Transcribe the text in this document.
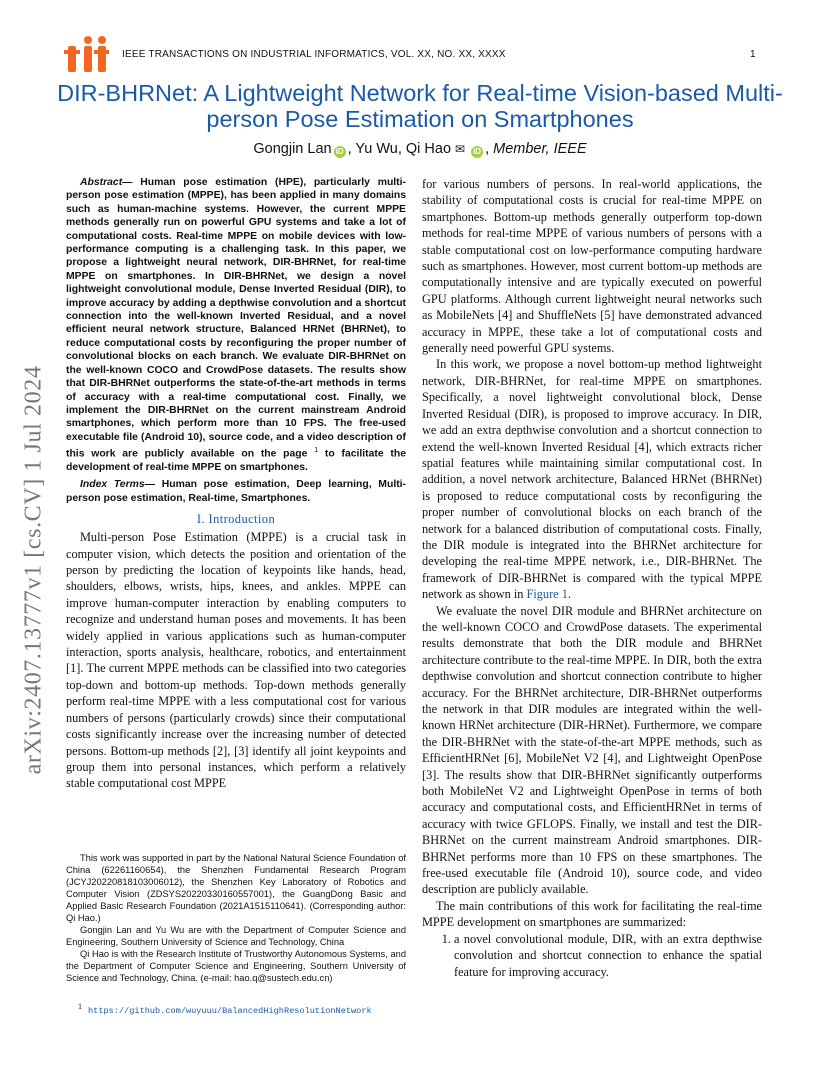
IEEE TRANSACTIONS ON INDUSTRIAL INFORMATICS, VOL. XX, NO. XX, XXXX	1
DIR-BHRNet: A Lightweight Network for Real-time Vision-based Multi-person Pose Estimation on Smartphones
Gongjin Lan iD , Yu Wu, Qi Hao ✉ iD , Member, IEEE
arXiv:2407.13777v1 [cs.CV] 1 Jul 2024

Abstract— Human pose estimation (HPE), particularly multi-person pose estimation (MPPE), has been applied in many domains such as human-machine systems. However, the current MPPE methods generally run on powerful GPU systems and take a lot of computational costs. Real-time MPPE on mobile devices with low-performance computing is a challenging task. In this paper, we propose a lightweight neural network, DIR-BHRNet, for real-time MPPE on smartphones. In DIR-BHRNet, we design a novel lightweight convolutional module, Dense Inverted Residual (DIR), to improve accuracy by adding a depthwise convolution and a shortcut connection into the well-known Inverted Residual, and a novel efficient neural network structure, Balanced HRNet (BHRNet), to reduce computational costs by reconfiguring the proper number of convolutional blocks on each branch. We evaluate DIR-BHRNet on the well-known COCO and CrowdPose datasets. The results show that DIR-BHRNet outperforms the state-of-the-art methods in terms of accuracy with a real-time computational cost. Finally, we implement the DIR-BHRNet on the current mainstream Android smartphones, which perform more than 10 FPS. The free-used executable file (Android 10), source code, and a video description of this work are publicly available on the page $^1$ to facilitate the development of real-time MPPE on smartphones.

Index Terms— Human pose estimation, Deep learning, Multi-person pose estimation, Real-time, Smartphones.

I. Introduction

Multi-person Pose Estimation (MPPE) is a crucial task in computer vision, which detects the position and orientation of the person by predicting the location of keypoints like hands, head, shoulders, elbows, wrists, hips, knees, and ankles. MPPE can improve human-computer interaction by enabling computers to recognize and understand human poses and movements. It has been widely applied in various applications such as human-computer interaction, sports analysis, healthcare, robotics, and entertainment [1]. The current MPPE methods can be classified into two categories top-down and bottom-up methods. Top-down methods generally perform real-time MPPE with a less computational cost for various numbers of persons (particularly crowds) since their computational costs significantly increase over the increasing number of detected persons. Bottom-up methods [2], [3] identify all joint keypoints and group them into personal instances, which perform a relatively stable computational cost MPPE

This work was supported in part by the National Natural Science Foundation of China (62261160654), the Shenzhen Fundamental Research Program (JCYJ20220818103006012), the Shenzhen Key Laboratory of Robotics and Computer Vision (ZDSYS20220330160557001), the GuangDong Basic and Applied Basic Research Foundation (2021A1515110641). (Corresponding author: Qi Hao.)

Gongjin Lan and Yu Wu are with the Department of Computer Science and Engineering, Southern University of Science and Technology, China

Qi Hao is with the Research Institute of Trustworthy Autonomous Systems, and the Department of Computer Science and Engineering, Southern University of Science and Technology, China. (e-mail: hao.q@sustech.edu.cn)

$^1$ https://github.com/wuyuuu/BalancedHighResolutionNetwork

for various numbers of persons. In real-world applications, the stability of computational costs is crucial for real-time MPPE on smartphones. Bottom-up methods generally outperform top-down methods for real-time MPPE of various numbers of persons with a stable computational cost on low-performance computing hardware such as smartphones. However, most current bottom-up methods are computationally intensive and are typically executed on powerful GPU platforms. Although current lightweight neural networks such as MobileNets [4] and ShuffleNets [5] have demonstrated advanced accuracy in MPPE, these take a lot of computational costs and generally need powerful GPU systems.

In this work, we propose a novel bottom-up method lightweight network, DIR-BHRNet, for real-time MPPE on smartphones. Specifically, a novel lightweight convolutional block, Dense Inverted Residual (DIR), is proposed to improve accuracy. In DIR, we add an extra depthwise convolution and a shortcut connection to extend the well-known Inverted Residual [4], which extracts richer spatial features while maintaining similar computational cost. In addition, a novel network architecture, Balanced HRNet (BHRNet) is proposed to reduce computational costs by reconfiguring the proper number of convolutional blocks on each branch of the network for a balanced distribution of computational costs. Finally, the DIR module is integrated into the BHRNet architecture for developing the real-time MPPE network, i.e., DIR-BHRNet. The framework of DIR-BHRNet is compared with the typical MPPE network as shown in Figure 1.

We evaluate the novel DIR module and BHRNet architecture on the well-known COCO and CrowdPose datasets. The experimental results demonstrate that both the DIR module and BHRNet architecture contribute to the real-time MPPE. In DIR, both the extra depthwise convolution and shortcut connection contribute to higher accuracy. For the BHRNet architecture, DIR-BHRNet outperforms the network in that DIR modules are integrated within the well-known HRNet architecture (DIR-HRNet). Furthermore, we compare the DIR-BHRNet with the state-of-the-art MPPE methods, such as EfficientHRNet [6], MobileNet V2 [4], and Lightweight OpenPose [3]. The results show that DIR-BHRNet significantly outperforms both MobileNet V2 and Lightweight OpenPose in terms of both accuracy and computational costs, and EfficientHRNet in terms of accuracy with twice GFLOPS. Finally, we install and test the DIR-BHRNet on the current mainstream Android smartphones. DIR-BHRNet performs more than 10 FPS on these smartphones. The free-used executable file (Android 10), source code, and video description are publicly available.

The main contributions of this work for facilitating the real-time MPPE development on smartphones are summarized:

1. a novel convolutional module, DIR, with an extra depthwise convolution and shortcut connection to enhance the spatial feature for improving accuracy.
